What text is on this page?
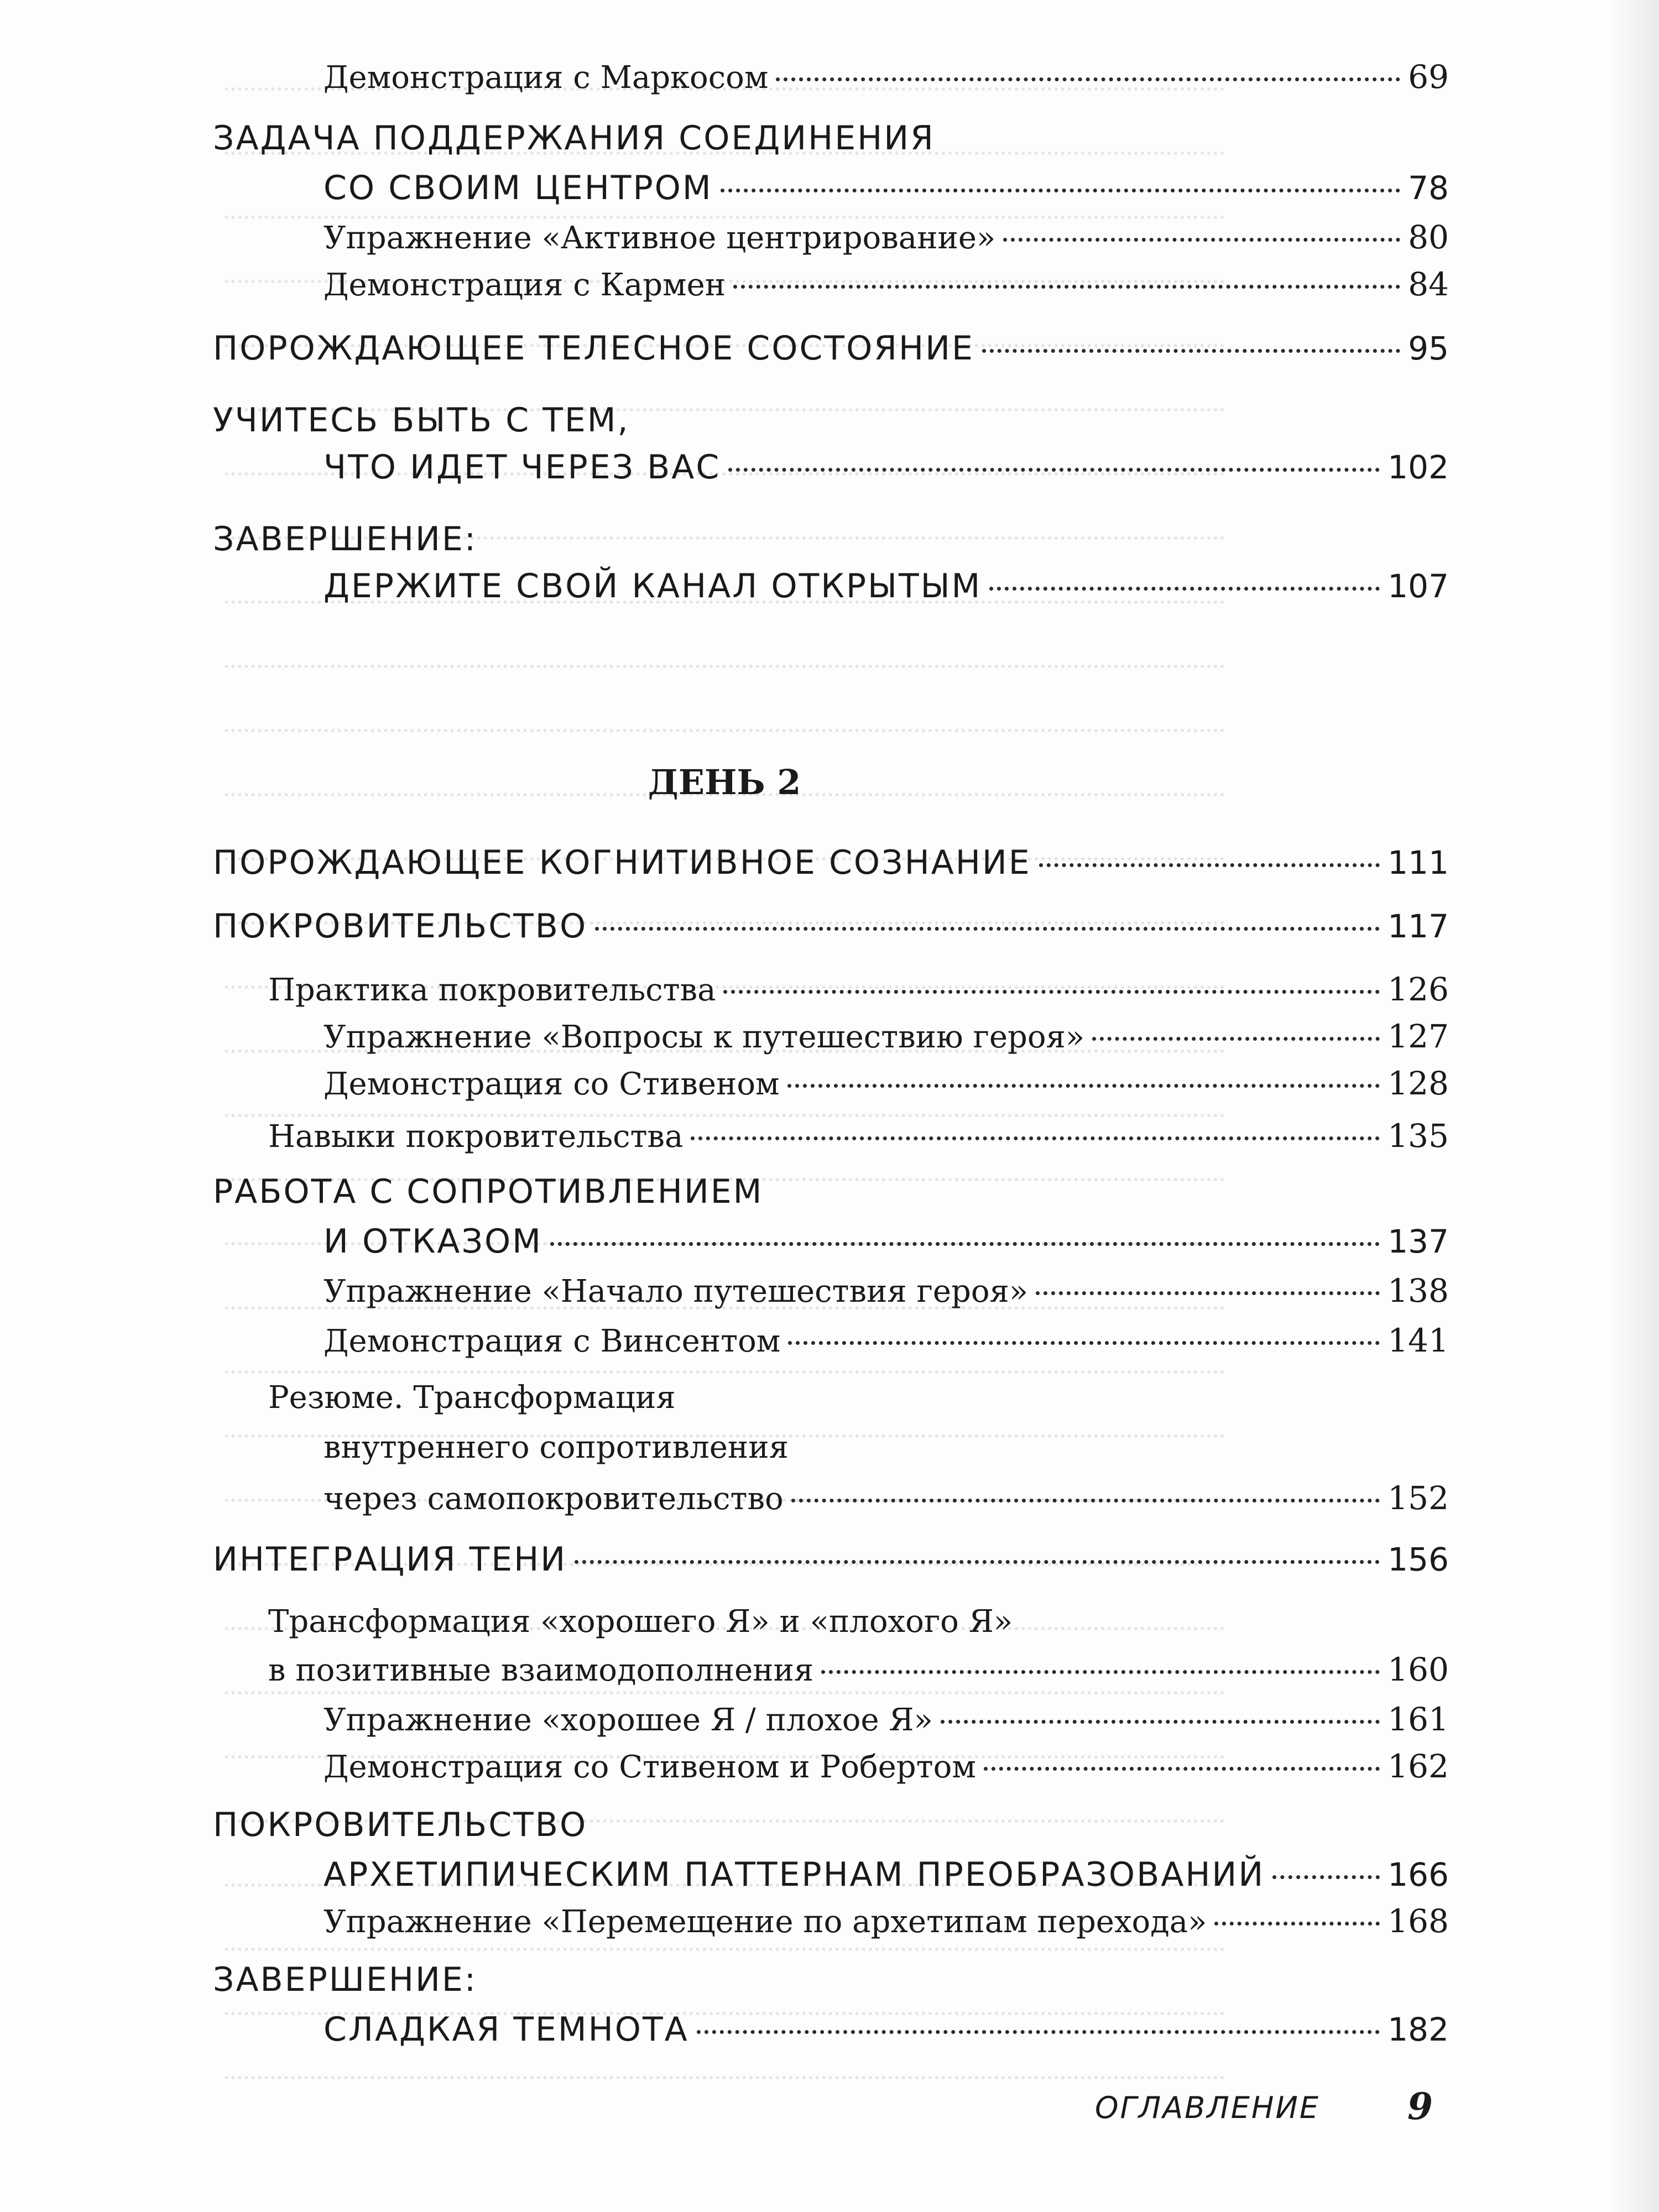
Демонстрация с Маркосом	69
ЗАДАЧА ПОДДЕРЖАНИЯ СОЕДИНЕНИЯ
СО СВОИМ ЦЕНТРОМ	78
Упражнение «Активное центрирование»	80
Демонстрация с Кармен	84
ПОРОЖДАЮЩЕЕ ТЕЛЕСНОЕ СОСТОЯНИЕ	95
УЧИТЕСЬ БЫТЬ С ТЕМ,
ЧТО ИДЕТ ЧЕРЕЗ ВАС	102
ЗАВЕРШЕНИЕ:
ДЕРЖИТЕ СВОЙ КАНАЛ ОТКРЫТЫМ	107
ДЕНЬ 2
ПОРОЖДАЮЩЕЕ КОГНИТИВНОЕ СОЗНАНИЕ	111
ПОКРОВИТЕЛЬСТВО	117
Практика покровительства	126
Упражнение «Вопросы к путешествию героя»	127
Демонстрация со Стивеном	128
Навыки покровительства	135
РАБОТА С СОПРОТИВЛЕНИЕМ
И ОТКАЗОМ	137
Упражнение «Начало путешествия героя»	138
Демонстрация с Винсентом	141
Резюме. Трансформация
внутреннего сопротивления
через самопокровительство	152
ИНТЕГРАЦИЯ ТЕНИ	156
Трансформация «хорошего Я» и «плохого Я»
в позитивные взаимодополнения	160
Упражнение «хорошее Я / плохое Я»	161
Демонстрация со Стивеном и Робертом	162
ПОКРОВИТЕЛЬСТВО
АРХЕТИПИЧЕСКИМ ПАТТЕРНАМ ПРЕОБРАЗОВАНИЙ	166
Упражнение «Перемещение по архетипам перехода»	168
ЗАВЕРШЕНИЕ:
СЛАДКАЯ ТЕМНОТА	182
ОГЛАВЛЕНИЕ 9
